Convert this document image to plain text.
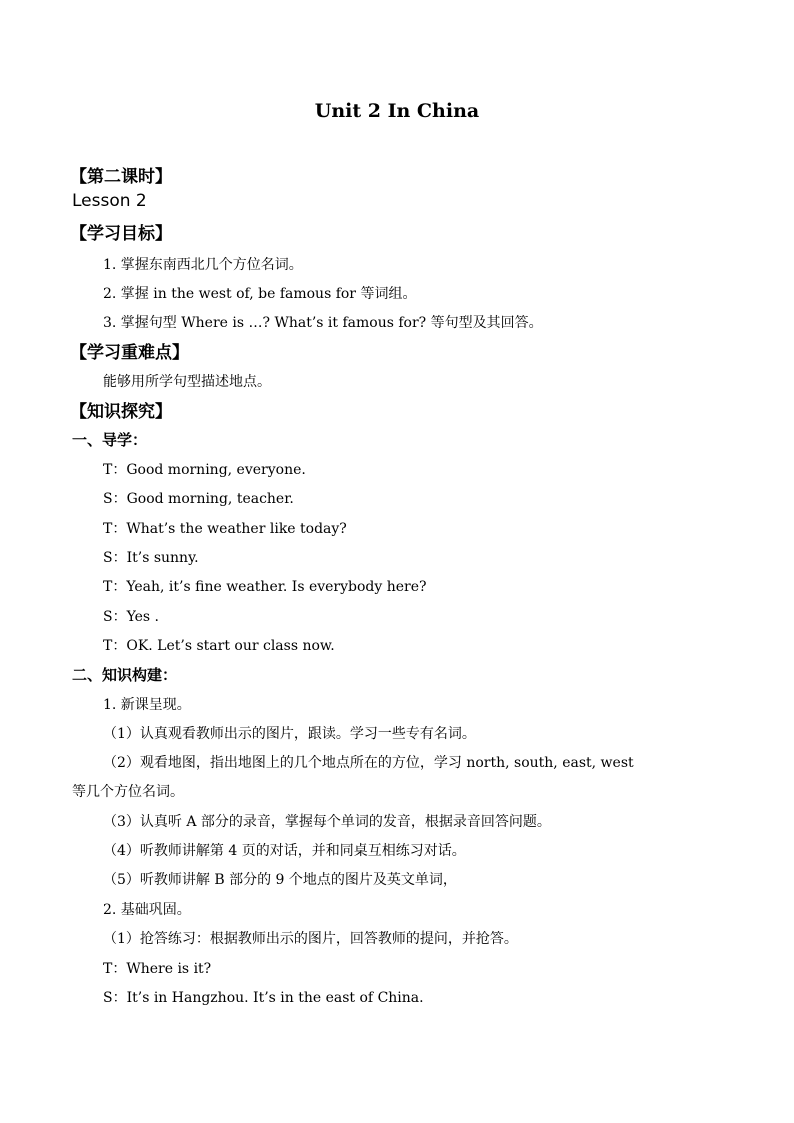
Unit 2 In China
【第二课时】
Lesson 2
【学习目标】
1. 掌握东南西北几个方位名词。
2. 掌握 in the west of, be famous for 等词组。
3. 掌握句型 Where is …? What’s it famous for? 等句型及其回答。
【学习重难点】
能够用所学句型描述地点。
【知识探究】
一、导学：
T：Good morning, everyone.
S：Good morning, teacher.
T：What’s the weather like today?
S：It’s sunny.
T：Yeah, it’s fine weather. Is everybody here?
S：Yes .
T：OK. Let’s start our class now.
二、知识构建：
1. 新课呈现。
（1）认真观看教师出示的图片，跟读。学习一些专有名词。
（2）观看地图，指出地图上的几个地点所在的方位，学习 north, south, east, west
等几个方位名词。
（3）认真听 A 部分的录音，掌握每个单词的发音，根据录音回答问题。
（4）听教师讲解第 4 页的对话，并和同桌互相练习对话。
（5）听教师讲解 B 部分的 9 个地点的图片及英文单词，
2. 基础巩固。
（1）抢答练习：根据教师出示的图片，回答教师的提问，并抢答。
T：Where is it?
S：It’s in Hangzhou. It’s in the east of China.
